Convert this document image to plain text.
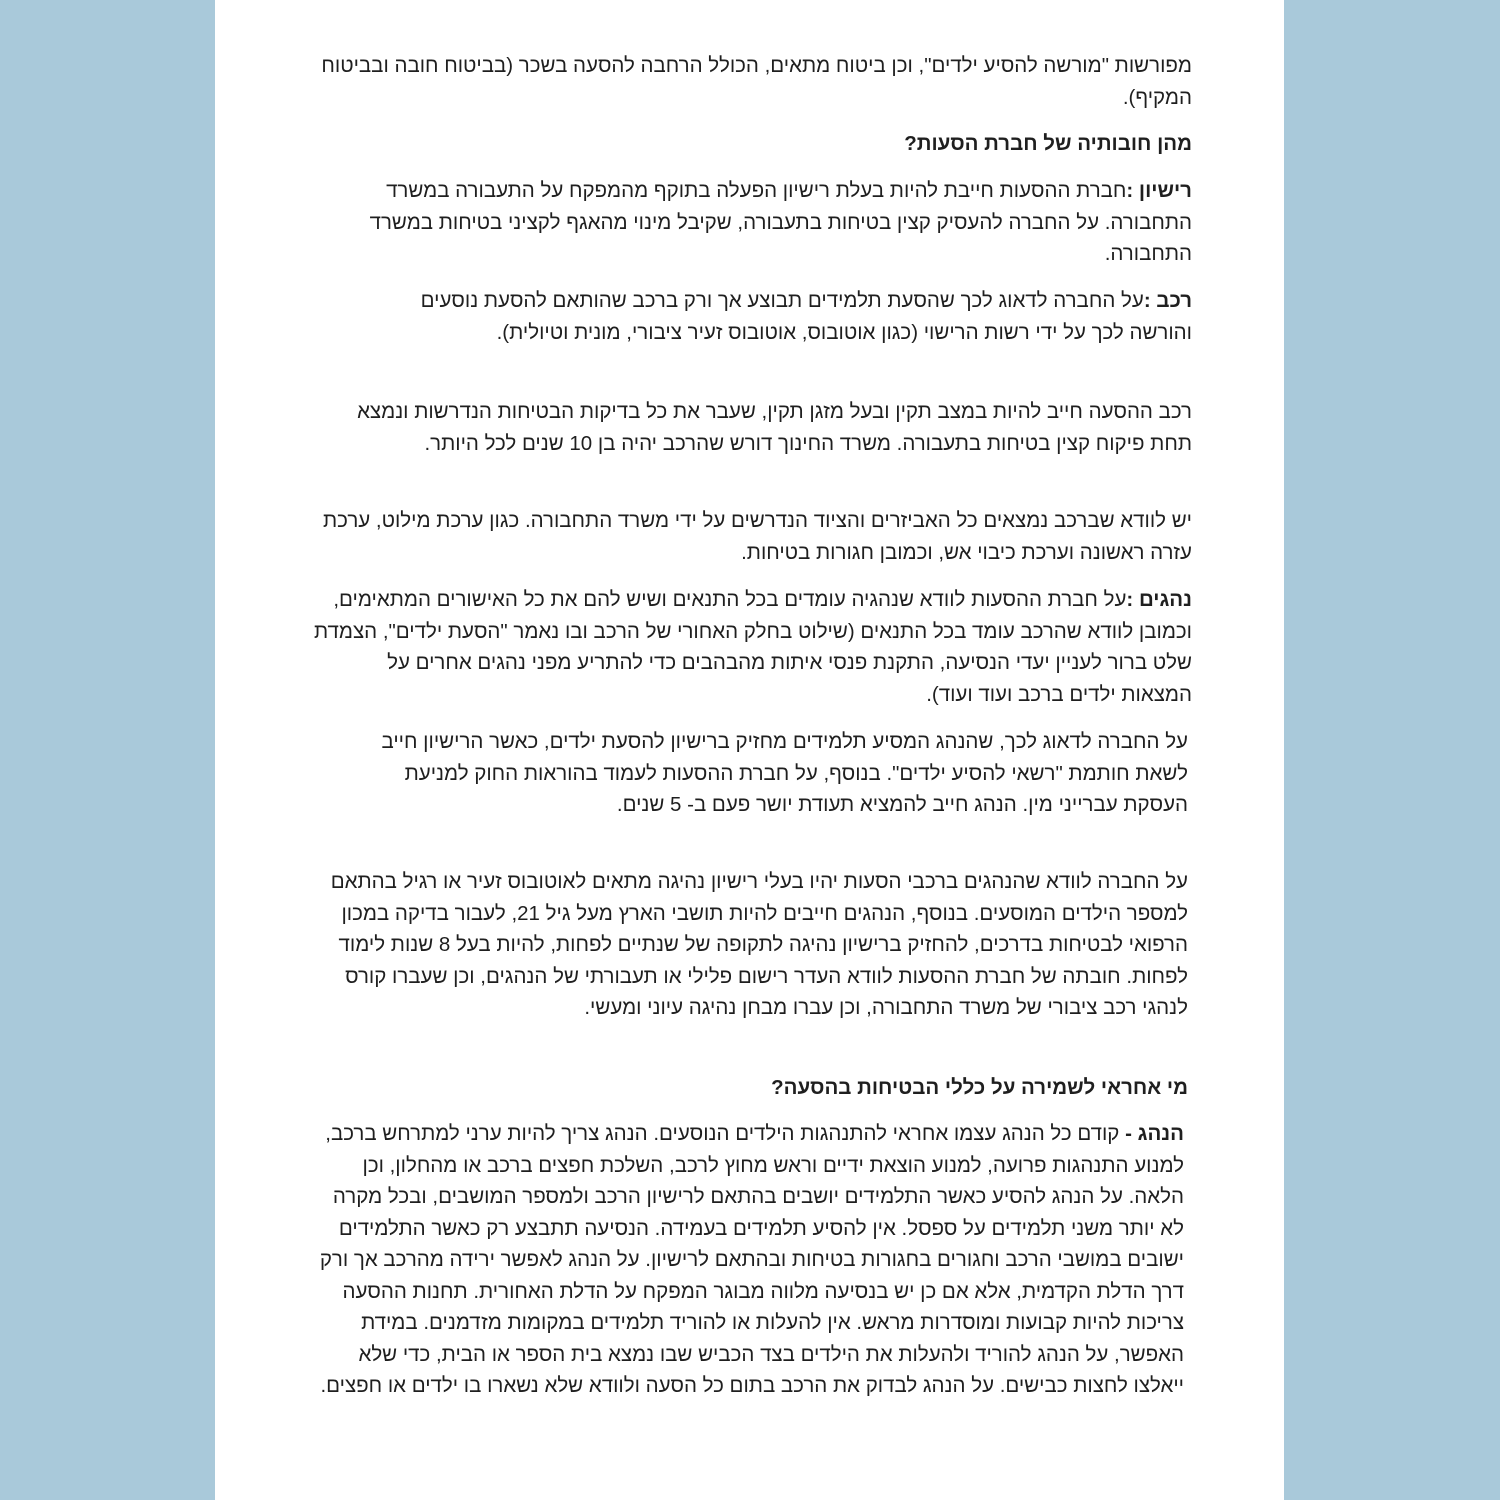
מפורשות "מורשה להסיע ילדים", וכן ביטוח מתאים, הכולל הרחבה להסעה בשכר (בביטוח חובה ובביטוח המקיף).

מהן חובותיה של חברת הסעות?

רישיון :חברת ההסעות חייבת להיות בעלת רישיון הפעלה בתוקף מהמפקח על התעבורה במשרד התחבורה. על החברה להעסיק קצין בטיחות בתעבורה, שקיבל מינוי מהאגף לקציני בטיחות במשרד התחבורה.

רכב :על החברה לדאוג לכך שהסעת תלמידים תבוצע אך ורק ברכב שהותאם להסעת נוסעים והורשה לכך על ידי רשות הרישוי (כגון אוטובוס, אוטובוס זעיר ציבורי, מונית וטיולית).

רכב ההסעה חייב להיות במצב תקין ובעל מזגן תקין, שעבר את כל בדיקות הבטיחות הנדרשות ונמצא תחת פיקוח קצין בטיחות בתעבורה. משרד החינוך דורש שהרכב יהיה בן 10 שנים לכל היותר.

יש לוודא שברכב נמצאים כל האביזרים והציוד הנדרשים על ידי משרד התחבורה. כגון ערכת מילוט, ערכת עזרה ראשונה וערכת כיבוי אש, וכמובן חגורות בטיחות.

נהגים :על חברת ההסעות לוודא שנהגיה עומדים בכל התנאים ושיש להם את כל האישורים המתאימים, וכמובן לוודא שהרכב עומד בכל התנאים (שילוט בחלק האחורי של הרכב ובו נאמר "הסעת ילדים", הצמדת שלט ברור לעניין יעדי הנסיעה, התקנת פנסי איתות מהבהבים כדי להתריע מפני נהגים אחרים על המצאות ילדים ברכב ועוד ועוד).

על החברה לדאוג לכך, שהנהג המסיע תלמידים מחזיק ברישיון להסעת ילדים, כאשר הרישיון חייב לשאת חותמת "רשאי להסיע ילדים". בנוסף, על חברת ההסעות לעמוד בהוראות החוק למניעת העסקת עברייני מין. הנהג חייב להמציא תעודת יושר פעם ב- 5 שנים.

על החברה לוודא שהנהגים ברכבי הסעות יהיו בעלי רישיון נהיגה מתאים לאוטובוס זעיר או רגיל בהתאם למספר הילדים המוסעים. בנוסף, הנהגים חייבים להיות תושבי הארץ מעל גיל 21, לעבור בדיקה במכון הרפואי לבטיחות בדרכים, להחזיק ברישיון נהיגה לתקופה של שנתיים לפחות, להיות בעל 8 שנות לימוד לפחות. חובתה של חברת ההסעות לוודא העדר רישום פלילי או תעבורתי של הנהגים, וכן שעברו קורס לנהגי רכב ציבורי של משרד התחבורה, וכן עברו מבחן נהיגה עיוני ומעשי.

מי אחראי לשמירה על כללי הבטיחות בהסעה?

הנהג - קודם כל הנהג עצמו אחראי להתנהגות הילדים הנוסעים. הנהג צריך להיות ערני למתרחש ברכב, למנוע התנהגות פרועה, למנוע הוצאת ידיים וראש מחוץ לרכב, השלכת חפצים ברכב או מהחלון, וכן הלאה. על הנהג להסיע כאשר התלמידים יושבים בהתאם לרישיון הרכב ולמספר המושבים, ובכל מקרה לא יותר משני תלמידים על ספסל. אין להסיע תלמידים בעמידה. הנסיעה תתבצע רק כאשר התלמידים ישובים במושבי הרכב וחגורים בחגורות בטיחות ובהתאם לרישיון. על הנהג לאפשר ירידה מהרכב אך ורק דרך הדלת הקדמית, אלא אם כן יש בנסיעה מלווה מבוגר המפקח על הדלת האחורית. תחנות ההסעה צריכות להיות קבועות ומוסדרות מראש. אין להעלות או להוריד תלמידים במקומות מזדמנים. במידת האפשר, על הנהג להוריד ולהעלות את הילדים בצד הכביש שבו נמצא בית הספר או הבית, כדי שלא ייאלצו לחצות כבישים. על הנהג לבדוק את הרכב בתום כל הסעה ולוודא שלא נשארו בו ילדים או חפצים.
